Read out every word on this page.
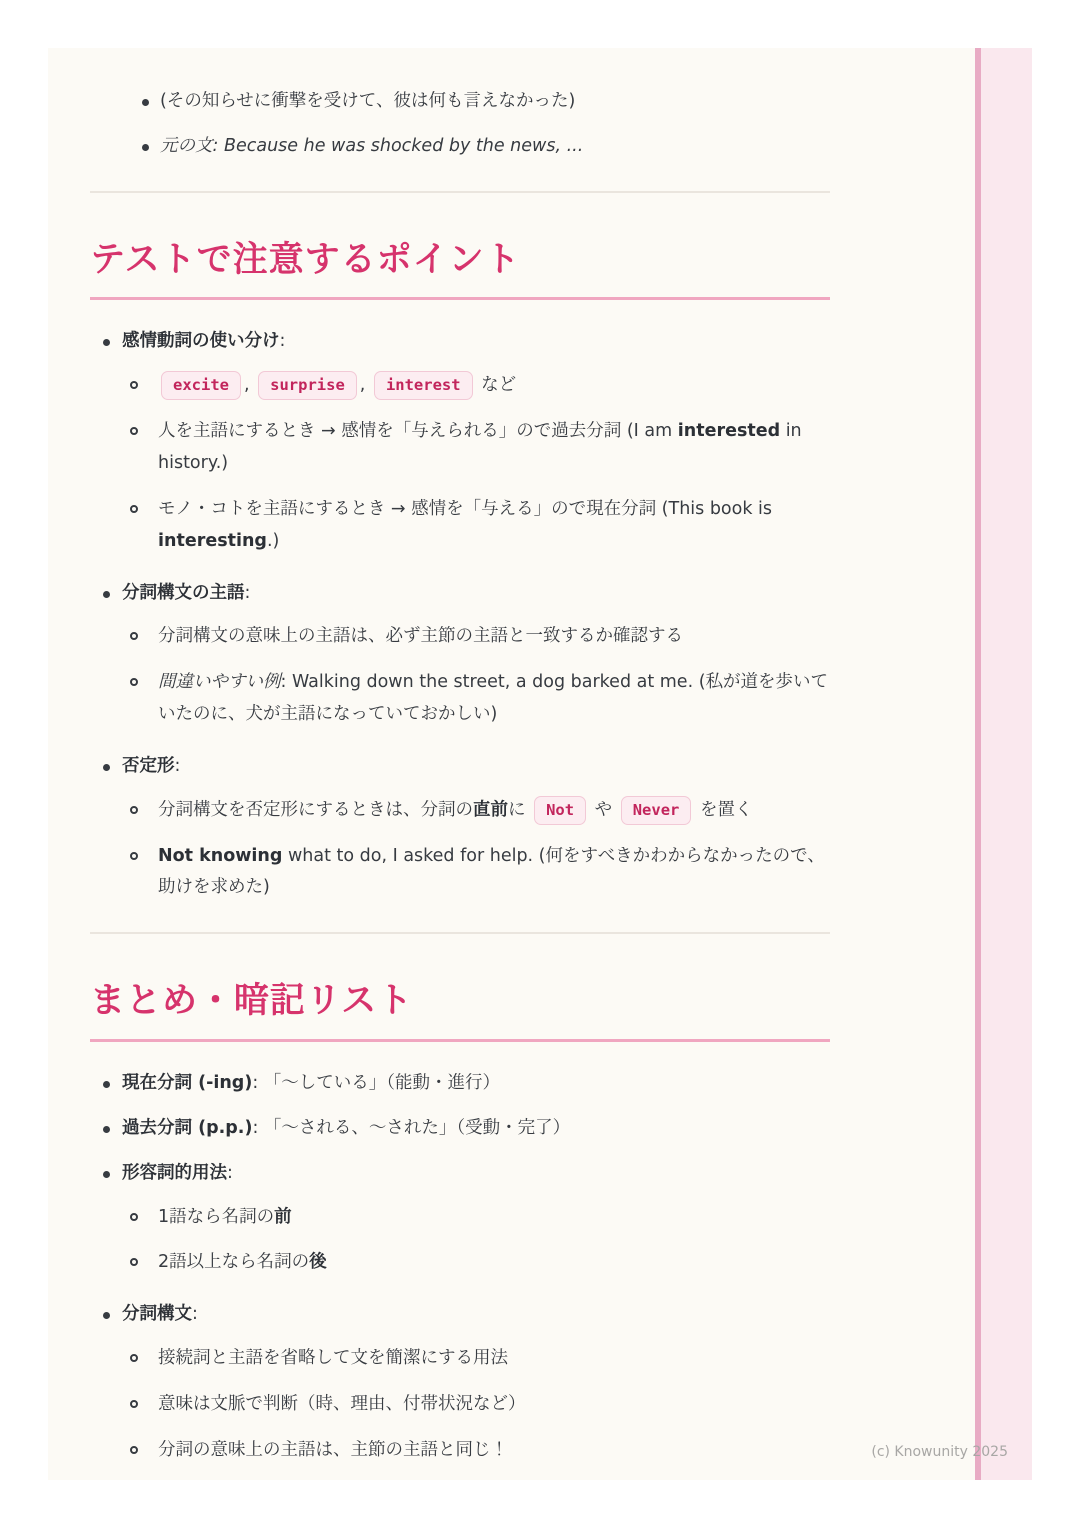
(その知らせに衝撃を受けて、彼は何も言えなかった)
元の文: Because he was shocked by the news, ...
テストで注意するポイント
感情動詞の使い分け:
excite , surprise , interest など
人を主語にするとき → 感情を「与えられる」ので過去分詞 (I am interested in history.)
モノ・コトを主語にするとき → 感情を「与える」ので現在分詞 (This book is interesting.)
分詞構文の主語:
分詞構文の意味上の主語は、必ず主節の主語と一致するか確認する
間違いやすい例: Walking down the street, a dog barked at me. (私が道を歩いていたのに、犬が主語になっていておかしい)
否定形:
分詞構文を否定形にするときは、分詞の直前に Not や Never を置く
Not knowing what to do, I asked for help. (何をすべきかわからなかったので、助けを求めた)
まとめ・暗記リスト
現在分詞 (-ing): 「〜している」（能動・進行）
過去分詞 (p.p.): 「〜される、〜された」（受動・完了）
形容詞的用法:
1語なら名詞の前
2語以上なら名詞の後
分詞構文:
接続詞と主語を省略して文を簡潔にする用法
意味は文脈で判断（時、理由、付帯状況など）
分詞の意味上の主語は、主節の主語と同じ！	(c) Knowunity 2025
